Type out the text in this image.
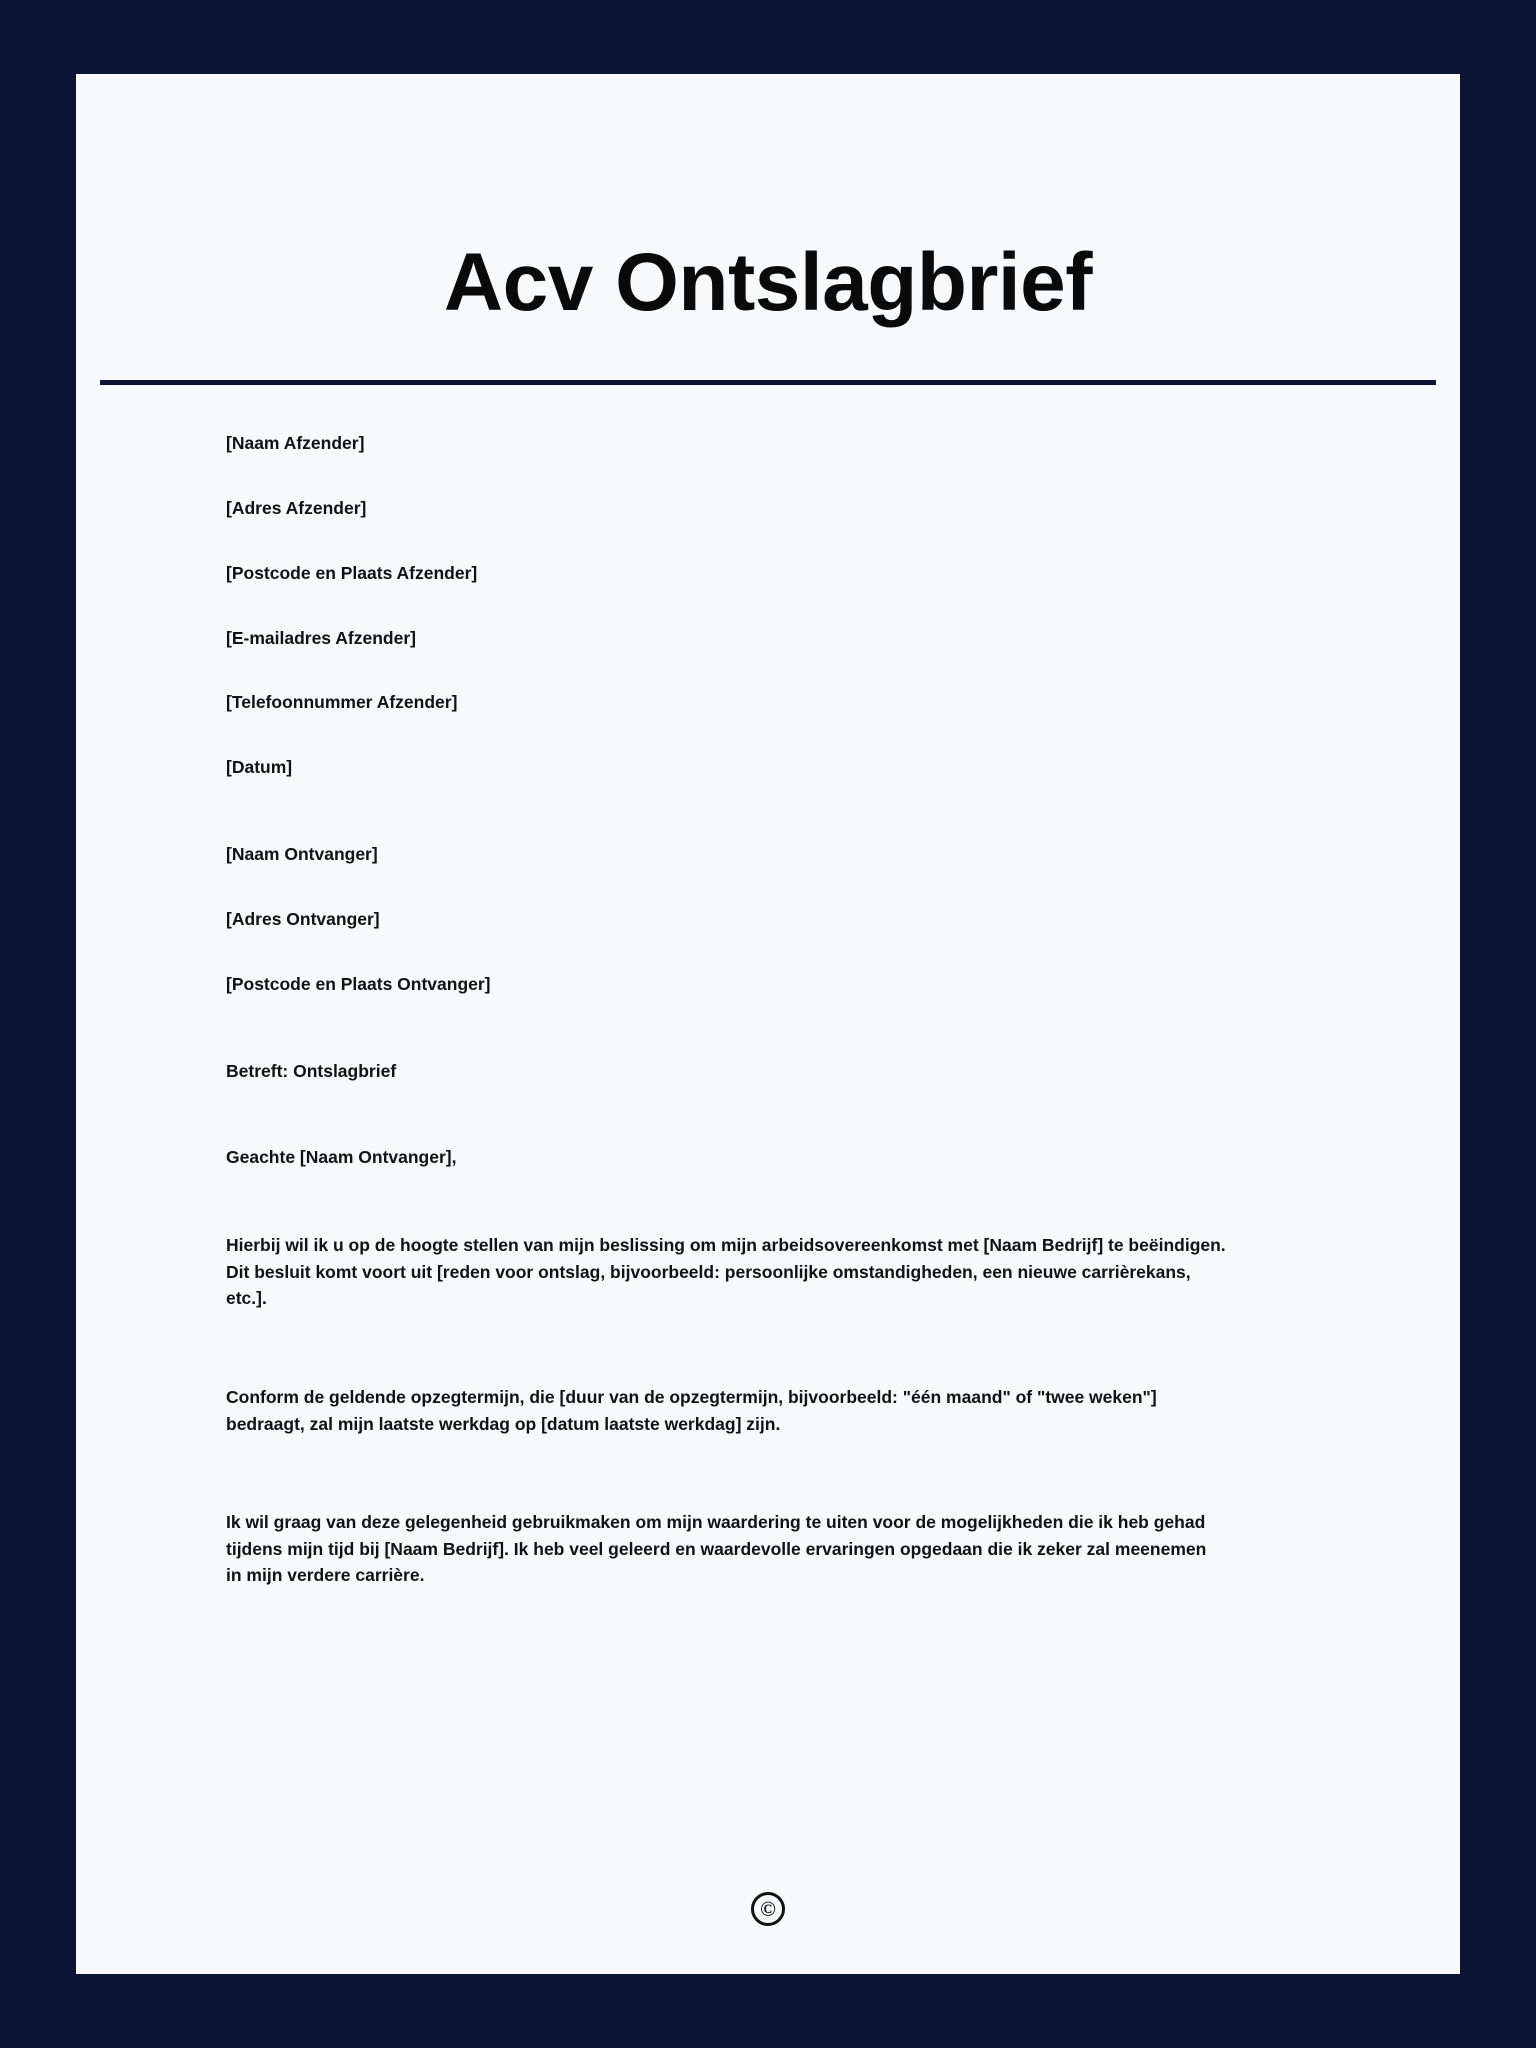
Acv Ontslagbrief

[Naam Afzender]

[Adres Afzender]

[Postcode en Plaats Afzender]

[E-mailadres Afzender]

[Telefoonnummer Afzender]

[Datum]

[Naam Ontvanger]

[Adres Ontvanger]

[Postcode en Plaats Ontvanger]

Betreft: Ontslagbrief

Geachte [Naam Ontvanger],

Hierbij wil ik u op de hoogte stellen van mijn beslissing om mijn arbeidsovereenkomst met [Naam Bedrijf] te beëindigen. Dit besluit komt voort uit [reden voor ontslag, bijvoorbeeld: persoonlijke omstandigheden, een nieuwe carrièrekans, etc.].

Conform de geldende opzegtermijn, die [duur van de opzegtermijn, bijvoorbeeld: "één maand" of "twee weken"] bedraagt, zal mijn laatste werkdag op [datum laatste werkdag] zijn.

Ik wil graag van deze gelegenheid gebruikmaken om mijn waardering te uiten voor de mogelijkheden die ik heb gehad tijdens mijn tijd bij [Naam Bedrijf]. Ik heb veel geleerd en waardevolle ervaringen opgedaan die ik zeker zal meenemen in mijn verdere carrière.

©
